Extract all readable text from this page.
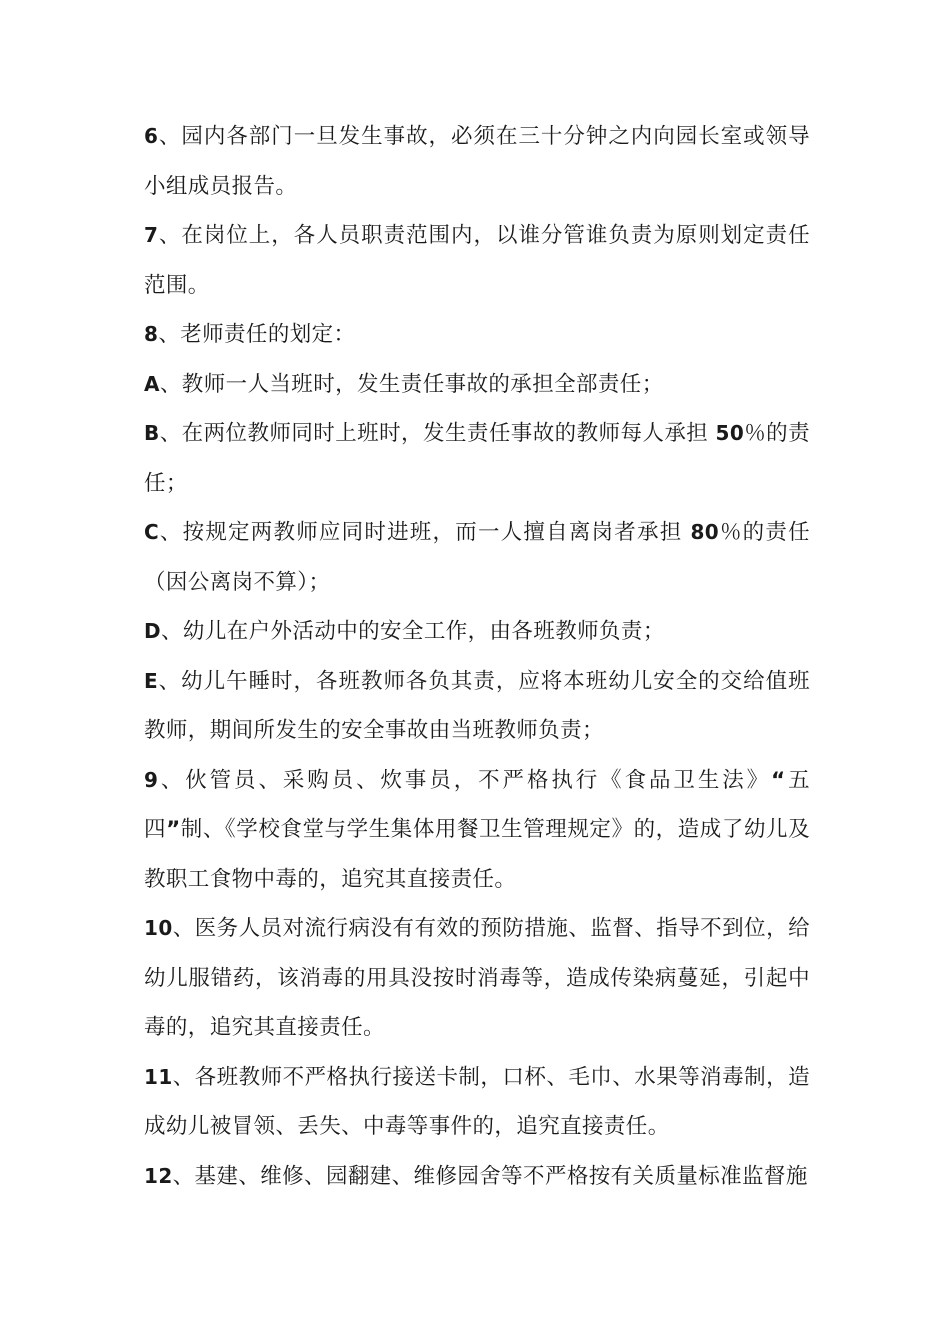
6、园内各部门一旦发生事故，必须在三十分钟之内向园长室或领导小组成员报告。

7、在岗位上，各人员职责范围内，以谁分管谁负责为原则划定责任范围。

8、老师责任的划定：

A、教师一人当班时，发生责任事故的承担全部责任；

B、在两位教师同时上班时，发生责任事故的教师每人承担 50％的责任；

C、按规定两教师应同时进班，而一人擅自离岗者承担 80％的责任（因公离岗不算）；

D、幼儿在户外活动中的安全工作，由各班教师负责；

E、幼儿午睡时，各班教师各负其责，应将本班幼儿安全的交给值班教师，期间所发生的安全事故由当班教师负责；

9、伙管员、采购员、炊事员，不严格执行《食品卫生法》“五四”制、《学校食堂与学生集体用餐卫生管理规定》的，造成了幼儿及教职工食物中毒的，追究其直接责任。

10、医务人员对流行病没有有效的预防措施、监督、指导不到位，给幼儿服错药，该消毒的用具没按时消毒等，造成传染病蔓延，引起中毒的，追究其直接责任。

11、各班教师不严格执行接送卡制，口杯、毛巾、水果等消毒制，造成幼儿被冒领、丢失、中毒等事件的，追究直接责任。

12、基建、维修、园翻建、维修园舍等不严格按有关质量标准监督施
